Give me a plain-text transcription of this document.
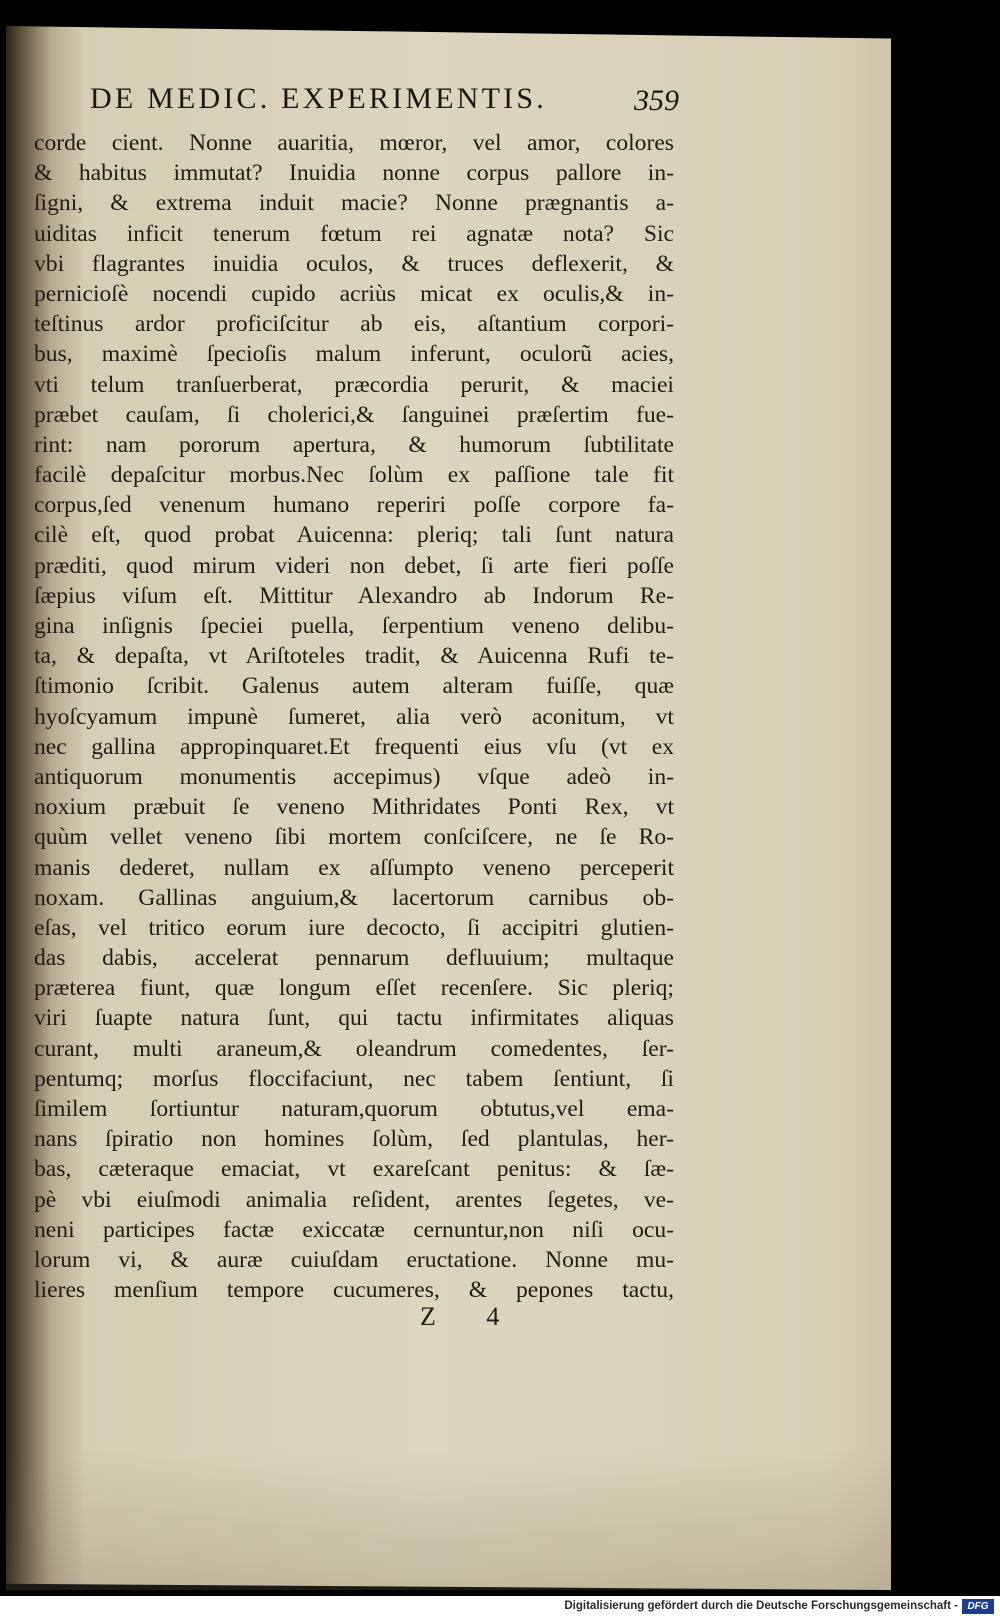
DE MEDIC. EXPERIMENTIS.	359
corde cient. Nonne auaritia, mœror, vel amor, colores
& habitus immutat? Inuidia nonne corpus pallore in-
ſigni, & extrema induit macie? Nonne prægnantis a-
uiditas inficit tenerum fœtum rei agnatæ nota? Sic
vbi flagrantes inuidia oculos, & truces deflexerit, &
pernicioſè nocendi cupido acriùs micat ex oculis,& in-
teſtinus ardor proficiſcitur ab eis, aſtantium corpori-
bus, maximè ſpecioſis malum inferunt, oculorũ acies,
vti telum tranſuerberat, præcordia perurit, & maciei
præbet cauſam, ſi cholerici,& ſanguinei præſertim fue-
rint: nam pororum apertura, & humorum ſubtilitate
facilè depaſcitur morbus.Nec ſolùm ex paſſione tale fit
corpus,ſed venenum humano reperiri poſſe corpore fa-
cilè eſt, quod probat Auicenna: pleriq; tali ſunt natura
præditi, quod mirum videri non debet, ſi arte fieri poſſe
ſæpius viſum eſt. Mittitur Alexandro ab Indorum Re-
gina inſignis ſpeciei puella, ſerpentium veneno delibu-
ta, & depaſta, vt Ariſtoteles tradit, & Auicenna Rufi te-
ſtimonio ſcribit. Galenus autem alteram fuiſſe, quæ
hyoſcyamum impunè ſumeret, alia verò aconitum, vt
nec gallina appropinquaret.Et frequenti eius vſu (vt ex
antiquorum monumentis accepimus) vſque adeò in-
noxium præbuit ſe veneno Mithridates Ponti Rex, vt
quùm vellet veneno ſibi mortem conſciſcere, ne ſe Ro-
manis dederet, nullam ex aſſumpto veneno perceperit
noxam. Gallinas anguium,& lacertorum carnibus ob-
eſas, vel tritico eorum iure decocto, ſi accipitri glutien-
das dabis, accelerat pennarum defluuium; multaque
præterea fiunt, quæ longum eſſet recenſere. Sic pleriq;
viri ſuapte natura ſunt, qui tactu infirmitates aliquas
curant, multi araneum,& oleandrum comedentes, ſer-
pentumq; morſus floccifaciunt, nec tabem ſentiunt, ſi
ſimilem ſortiuntur naturam,quorum obtutus,vel ema-
nans ſpiratio non homines ſolùm, ſed plantulas, her-
bas, cæteraque emaciat, vt exareſcant penitus: & ſæ-
pè vbi eiuſmodi animalia reſident, arentes ſegetes, ve-
neni participes factæ exiccatæ cernuntur,non niſi ocu-
lorum vi, & auræ cuiuſdam eructatione. Nonne mu-
lieres menſium tempore cucumeres, & pepones tactu,
Z 4
Digitalisierung gefördert durch die Deutsche Forschungsgemeinschaft - DFG
